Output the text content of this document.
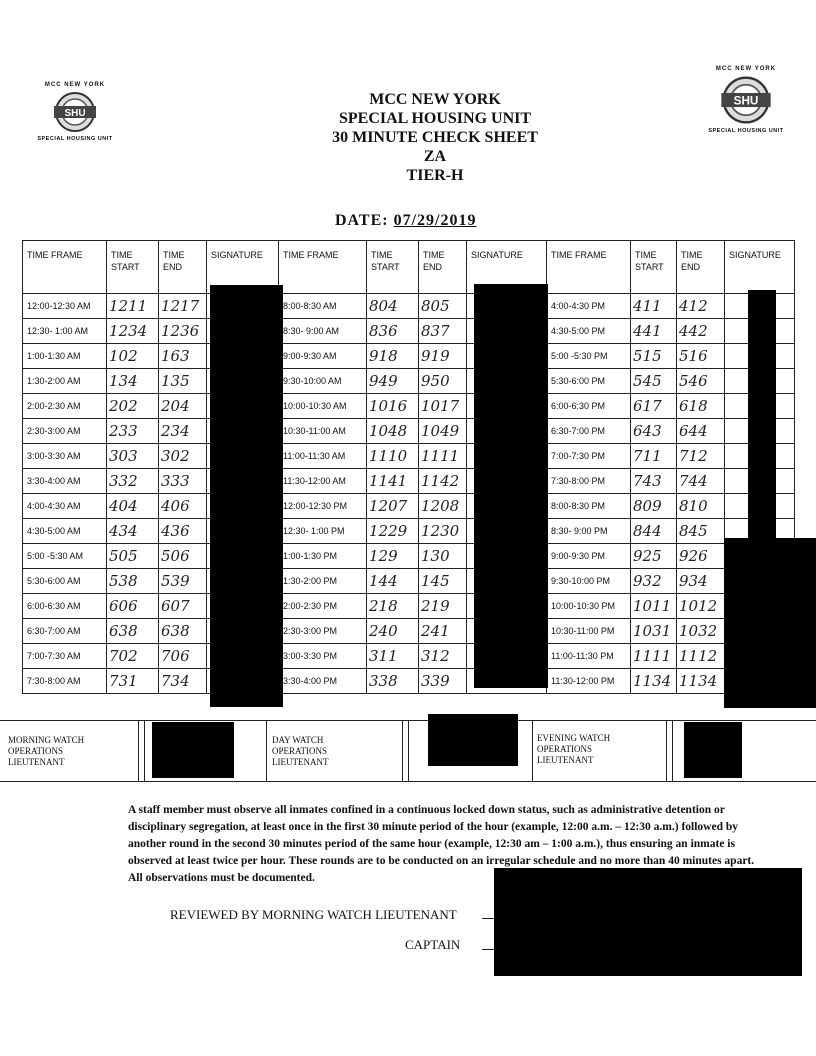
MCC NEW YORK
SHU
SPECIAL HOUSING UNIT
MCC NEW YORK
SHU
SPECIAL HOUSING UNIT
MCC NEW YORK
SPECIAL HOUSING UNIT
30 MINUTE CHECK SHEET
ZA
TIER-H
DATE: 07/29/2019
TIME FRAME	TIME START	TIME END	SIGNATURE	TIME FRAME	TIME START	TIME END	SIGNATURE	TIME FRAME	TIME START	TIME END	SIGNATURE
12:00-12:30 AM	1211	1217		8:00-8:30 AM	804	805		4:00-4:30 PM	411	412	
12:30- 1:00 AM	1234	1236		8:30- 9:00 AM	836	837		4:30-5:00 PM	441	442	
1:00-1:30 AM	102	163		9:00-9:30 AM	918	919		5:00 -5:30 PM	515	516	
1:30-2:00 AM	134	135		9:30-10:00 AM	949	950		5:30-6:00 PM	545	546	
2:00-2:30 AM	202	204		10:00-10:30 AM	1016	1017		6:00-6:30 PM	617	618	
2:30-3:00 AM	233	234		10:30-11:00 AM	1048	1049		6:30-7:00 PM	643	644	
3:00-3:30 AM	303	302		11:00-11:30 AM	1110	1111		7:00-7:30 PM	711	712	
3:30-4:00 AM	332	333		11:30-12:00 AM	1141	1142		7:30-8:00 PM	743	744	
4:00-4:30 AM	404	406		12:00-12:30 PM	1207	1208		8:00-8:30 PM	809	810	
4:30-5:00 AM	434	436		12:30- 1:00 PM	1229	1230		8:30- 9:00 PM	844	845	
5:00 -5:30 AM	505	506		1:00-1:30 PM	129	130		9:00-9:30 PM	925	926	
5:30-6:00 AM	538	539		1:30-2:00 PM	144	145		9:30-10:00 PM	932	934	
6:00-6:30 AM	606	607		2:00-2:30 PM	218	219		10:00-10:30 PM	1011	1012	
6:30-7:00 AM	638	638		2:30-3:00 PM	240	241		10:30-11:00 PM	1031	1032	
7:00-7:30 AM	702	706		3:00-3:30 PM	311	312		11:00-11:30 PM	1111	1112	
7:30-8:00 AM	731	734		3:30-4:00 PM	338	339		11:30-12:00 PM	1134	1134	
MORNING WATCH OPERATIONS LIEUTENANT
DAY WATCH OPERATIONS LIEUTENANT
EVENING WATCH OPERATIONS LIEUTENANT
A staff member must observe all inmates confined in a continuous locked down status, such as administrative detention or disciplinary segregation, at least once in the first 30 minute period of the hour (example, 12:00 a.m. – 12:30 a.m.) followed by another round in the second 30 minutes period of the same hour (example, 12:30 am – 1:00 a.m.), thus ensuring an inmate is observed at least twice per hour. These rounds are to be conducted on an irregular schedule and no more than 40 minutes apart. All observations must be documented.
REVIEWED BY MORNING WATCH LIEUTENANT
CAPTAIN
